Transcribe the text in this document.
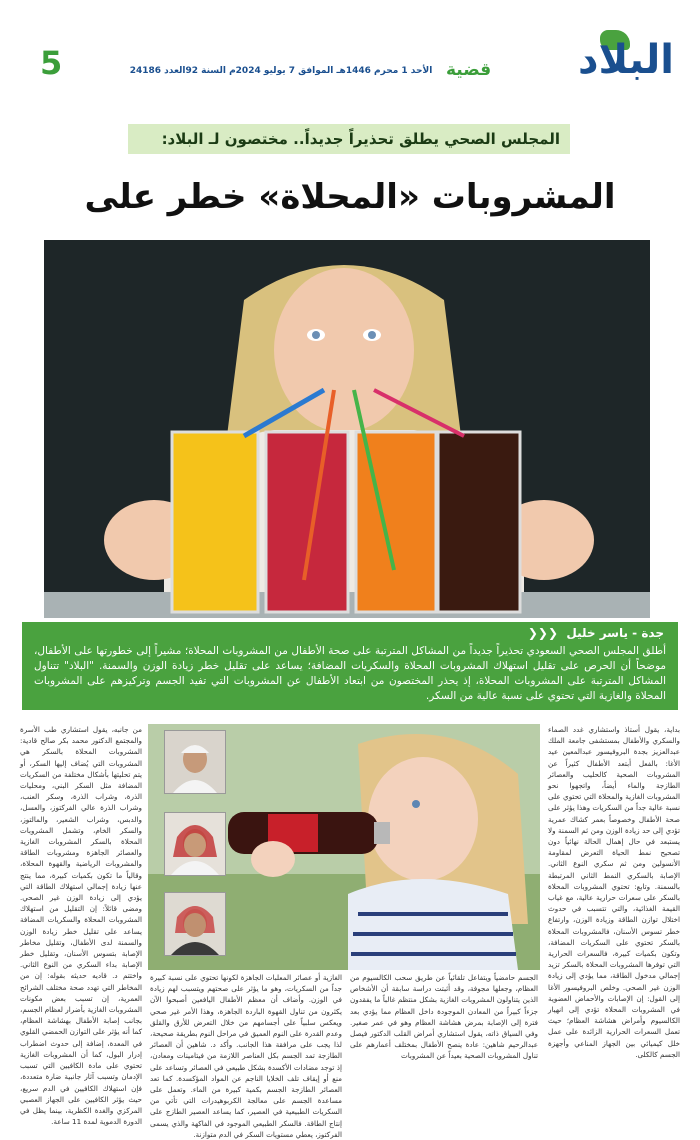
البلاد
قضية
الأحد 1 محرم 1446هـ الموافق 7 يوليو 2024م السنة 92العدد 24186
5
المجلس الصحي يطلق تحذيراً جديداً.. مختصون لـ البلاد:
المشروبات «المحلاة» خطر على
جدة - ياسر خليل  ❮❮❮
أطلق المجلس الصحي السعودي تحذيراً جديداً من المشاكل المترتبة على صحة الأطفال من المشروبات المحلاة؛ مشيراً إلى خطورتها على الأطفال، موضحاً أن الحرص على تقليل استهلاك المشروبات المحلاة والسكريات المضافة؛ يساعد على تقليل خطر زيادة الوزن والسمنة. "البلاد" تتناول المشاكل المترتبة على المشروبات المحلاة، إذ يحذر المختصون من ابتعاد الأطفال عن المشروبات التي تفيد الجسم وتركيزهم على المشروبات المحلاة والغازية التي تحتوي على نسبة عالية من السكر.
بداية، يقول أستاذ واستشاري غدد الصماء والسكري والأطفال بمستشفى جامعة الملك عبدالعزيز بجدة البروفيسور عبدالمعين عيد الأغا: بالفعل أبتعد الأطفال كثيراً عن المشروبات الصحية كالحليب والعصائر الطازجة والماء أيضاً، واتجهوا نحو المشروبات الغازية والمحلاة التي تحتوي على نسبة عالية جداً من السكريات وهذا يؤثر على صحة الأطفال وخصوصاً بعمر كشاك عمرية تؤدي إلى حد زيادة الوزن ومن ثم السمنة ولا يستبعد في حال إهمال الحالة نهائياً دون تصحيح نمط الحياة التعرض لمقاومة الأنسولين ومن ثم سكري النوع الثاني. الإصابة بالسكري النمط الثاني المرتبطة بالسمنة. وتابع: تحتوي المشروبات المحلاة بالسكر على سعرات حرارية عالية، مع غياب القيمة الغذائية، والتي تتسبب في حدوث اختلال توازن الطاقة وزيادة الوزن، وارتفاع خطر تسوس الأسنان، فالمشروبات المحلاة بالسكر تحتوي على السكريات المضافة، وتكون بكميات كبيرة، فالسعرات الحرارية التي توفرها المشروبات المحلاة بالسكر تزيد إجمالي مدخول الطاقة، مما يؤدي إلى زيادة الوزن غير الصحي. وخلص البروفيسور الأغا إلى القول: إن الإصابات والأحماض العضوية في المشروبات المحلاة تؤدي إلى انهيار الكالسيوم وأمراض هشاشة العظام؛ حيث تعمل السعرات الحرارية الزائدة على عمل خلل كيميائي بين الجهاز المناعي وأجهزة الجسم كالكلى.
من جانبه، يقول استشاري طب الأسرة والمجتمع الدكتور محمد بكر صالح قادية: المشروبات المحلاة بالسكر هي المشروبات التي يُضاف إليها السكر، أو يتم تحليتها بأشكال مختلفة من السكريات المضافة مثل السكر البني، ومحليات الذرة، وشراب الذرة، وسكر العنب، وشراب الذرة عالي الفركتوز، والعسل، والدبس، وشراب الشعير، والمالتوز، والسكر الخام، وتشمل المشروبات المحلاة بالسكر المشروبات الغازية والعصائر الجاهزة ومشروبات الطاقة والمشروبات الرياضية والقهوة المحلاة، وقالياً ما تكون بكميات كبيرة، مما ينتج عنها زيادة إجمالي استهلاك الطاقة التي يؤدي إلى زيادة الوزن غير الصحي. ومضى قائلاً: إن التقليل من استهلاك المشروبات المحلاة والسكريات المضافة يساعد على تقليل خطر زيادة الوزن والسمنة لدى الأطفال، وتقليل مخاطر الإصابة بتسوس الأسنان، وتقليل خطر الإصابة بداء السكري من النوع الثاني. واختتم د. قاديه حديثه بقوله: إن من المخاطر التي تهدد صحة مختلف الشرائح العمرية، إن تسبب بعض مكونات المشروبات الغازية بأضرار لعظام الجسم، بجانب إصابة الأطفال بهشاشة العظام، كما أنه يؤثر على التوازن الحمضي القلوي في المعدة، إضافة إلى حدوث اضطراب إدرار البول، كما أن المشروبات الغازية تحتوي على مادة الكافيين التي تسبب الإدمان وتسبب آثار جانبية ضارة متعددة، فإن استهلاك الكافيين في الدم سريع، حيث يؤثر الكافيين على الجهاز العصبي المركزي والغدة الكظرية، بينما يظل في الدورة الدموية لمدة 11 ساعة.
الجسم حامضياً ويتفاعل تلقائياً عن طريق سحب الكالسيوم من العظام، وجعلها مجوفة، وقد أثبتت دراسة سابقة أن الأشخاص الذين يتناولون المشروبات الغازية بشكل منتظم غالباً ما يفقدون جزءاً كبيراً من المعادن الموجودة داخل العظام مما يؤدي بعد فترة إلى الإصابة بمرض هشاشة العظام وهو في عمر صغير. وفي السياق ذاته، يقول استشاري أمراض القلب الدكتور فيصل عبدالرحيم شاهين: عادة ينصح الأطفال بمختلف أعمارهم على تناول المشروبات الصحية بعيداً عن المشروبات
الغازية أو عصائر المعلبات الجاهزة لكونها تحتوي على نسبة كبيرة جداً من السكريات، وهو ما يؤثر على صحتهم ويتسبب لهم زيادة في الوزن. وأضاف أن معظم الأطفال اليافعين أصبحوا الآن يكثرون من تناول القهوة الباردة الجاهزة، وهذا الأمر غير صحي ويعكس سلبياً على أجسامهم من خلال التعرض للأرق والقلق وعدم القدرة على النوم العميق في مراحل النوم بطريقة صحيحة، لذا يجب على مرافقة هذا الجانب. وأكد د. شاهين أن العصائر الطازجة تمد الجسم بكل العناصر اللازمة من فيتامينات ومعادن، إذ توجد مضادات الأكسدة بشكل طبيعي في العصائر وتساعد على منع أو إيقاف تلف الخلايا الناجم عن المواد المؤكسدة. كما تعد العصائر الطازجة الجسم بكمية كبيرة من الماء. وتعمل على مساعدة الجسم على معالجة الكربوهيدرات التي تأتي من السكريات الطبيعية في العصير، كما يساعد العصير الطازج على إنتاج الطاقة. فالسكر الطبيعي الموجود في الفاكهة والذي يسمى الفركتوز، يعطي مستويات السكر في الدم متوازنة.
